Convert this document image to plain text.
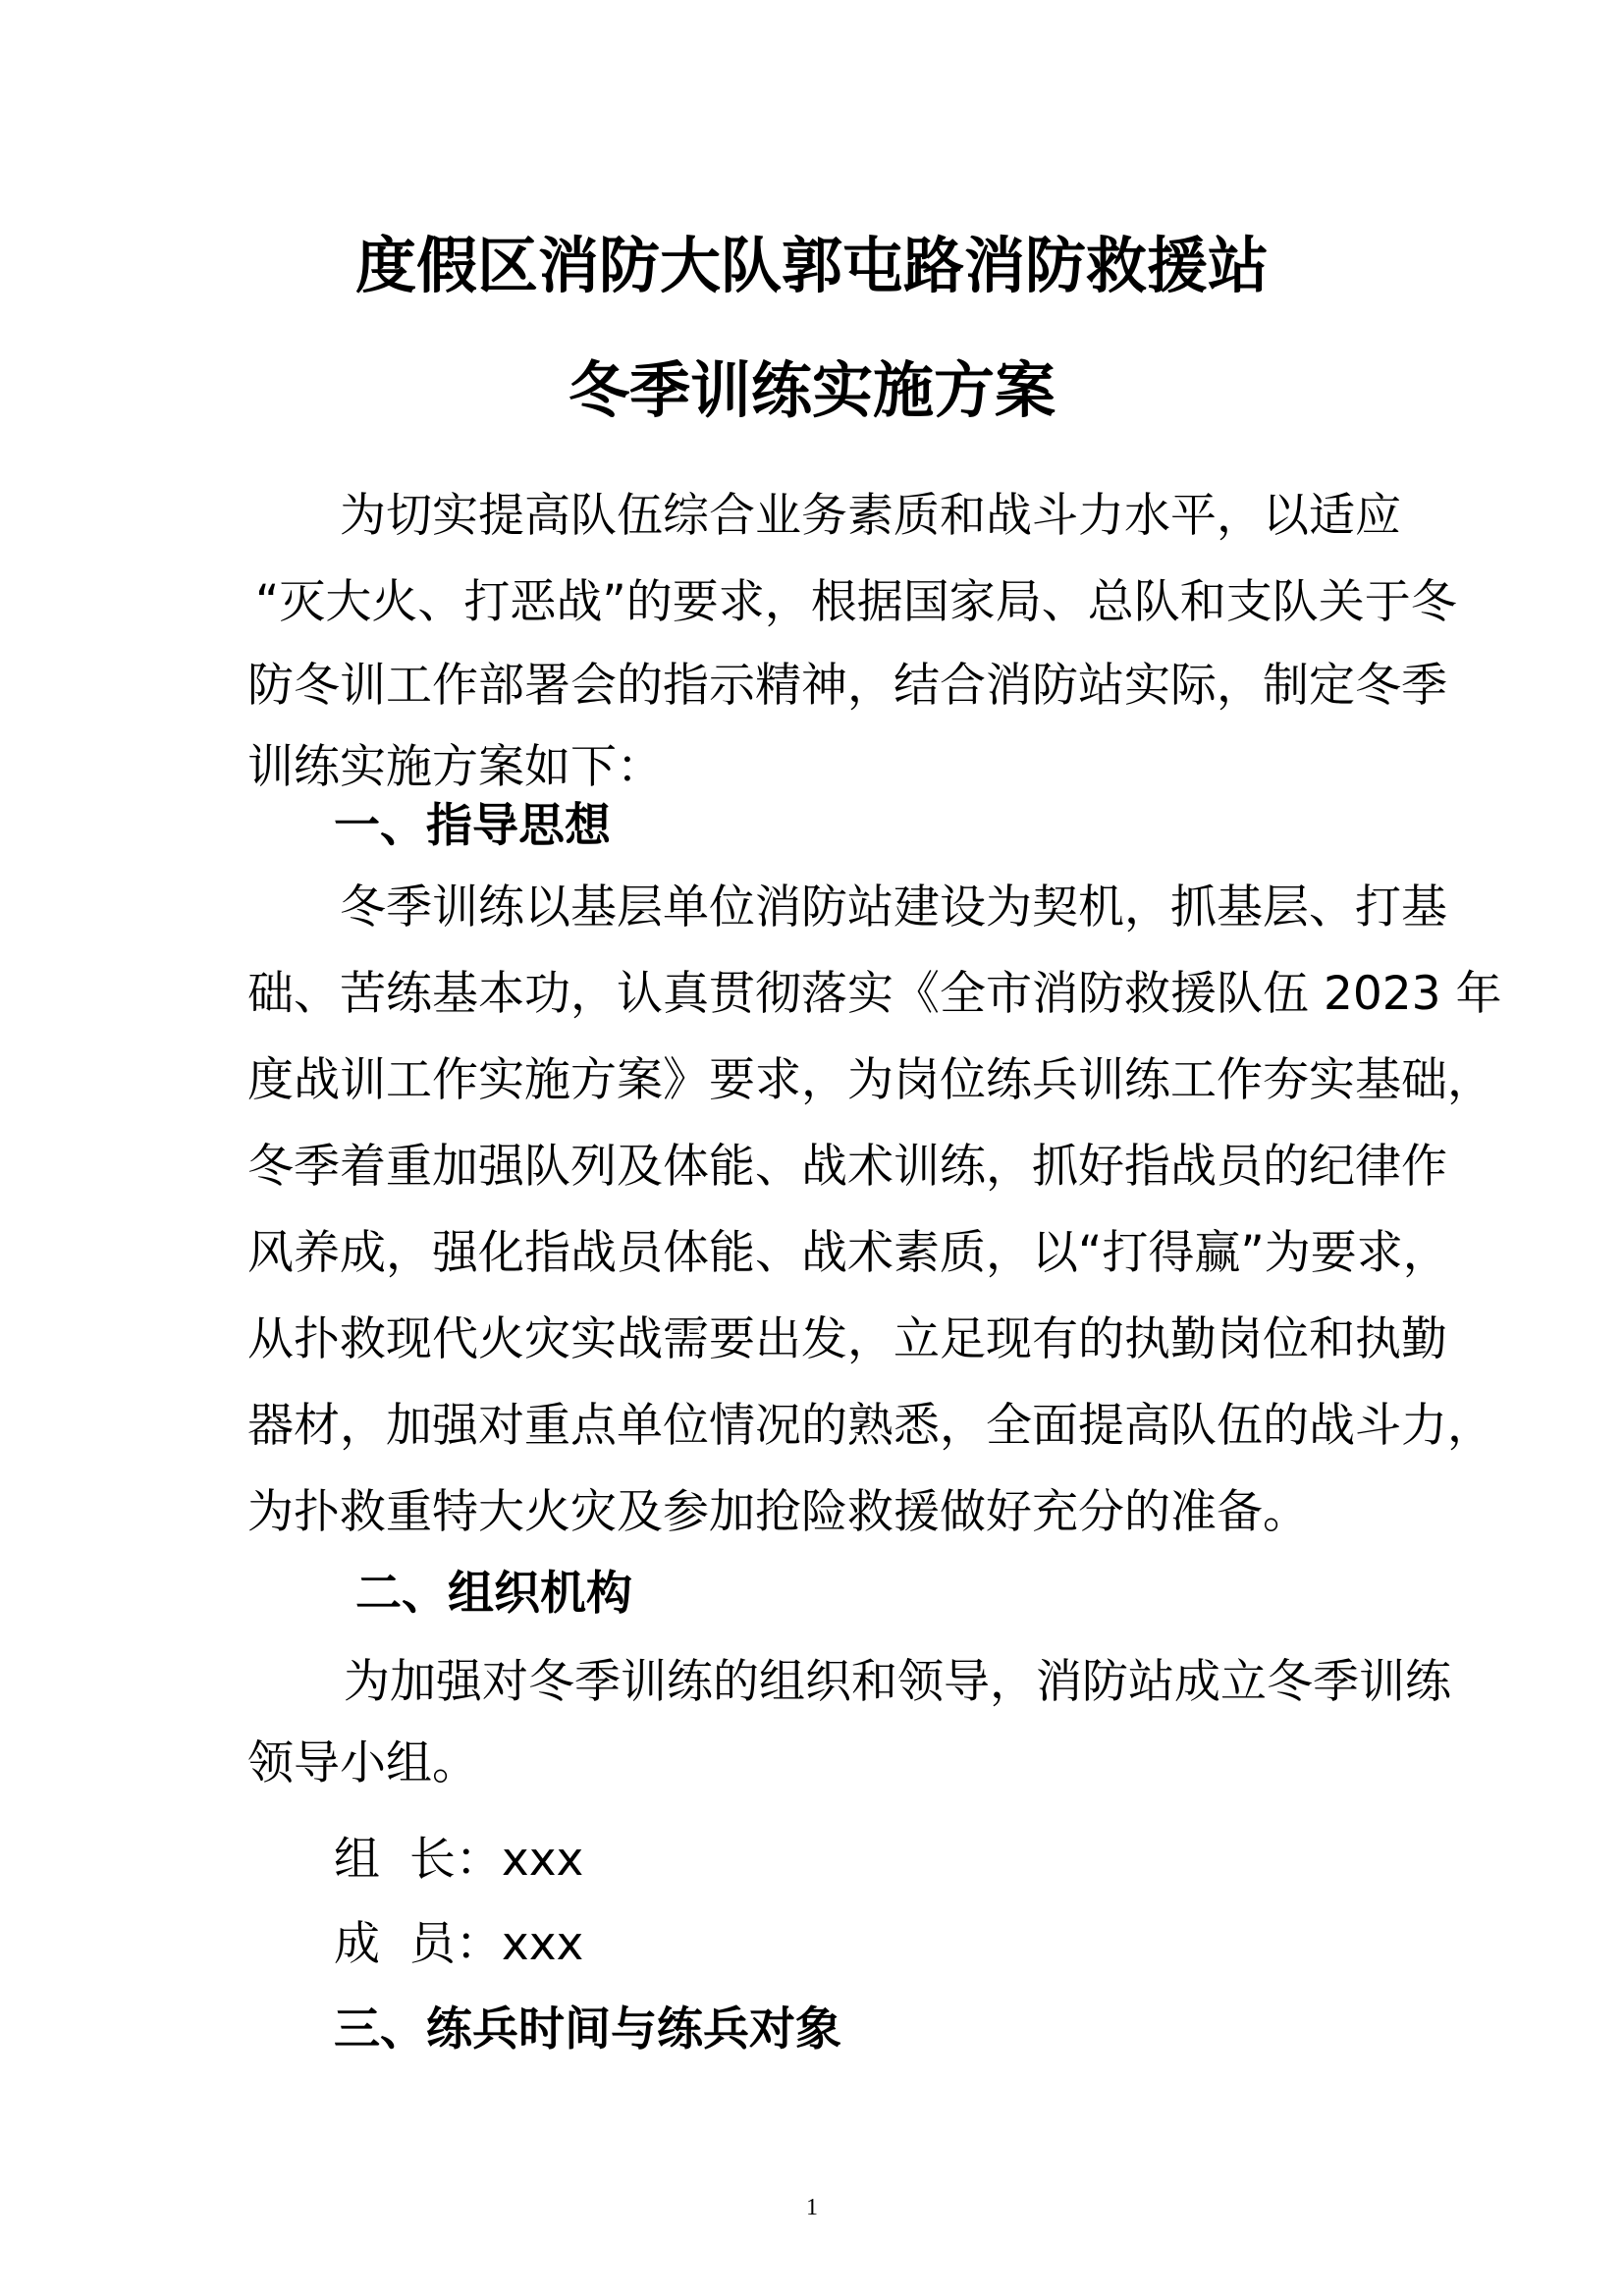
度假区消防大队郭屯路消防救援站
冬季训练实施方案
为切实提高队伍综合业务素质和战斗力水平，以适应
“灭大火、打恶战”的要求，根据国家局、总队和支队关于冬
防冬训工作部署会的指示精神，结合消防站实际，制定冬季
训练实施方案如下：
一、指导思想
冬季训练以基层单位消防站建设为契机，抓基层、打基
础、苦练基本功，认真贯彻落实《全市消防救援队伍 2023 年
度战训工作实施方案》要求，为岗位练兵训练工作夯实基础，
冬季着重加强队列及体能、战术训练，抓好指战员的纪律作
风养成，强化指战员体能、战术素质，以“打得赢”为要求，
从扑救现代火灾实战需要出发，立足现有的执勤岗位和执勤
器材，加强对重点单位情况的熟悉，全面提高队伍的战斗力，
为扑救重特大火灾及参加抢险救援做好充分的准备。
二、组织机构
为加强对冬季训练的组织和领导，消防站成立冬季训练
领导小组。
组  长：xxx
成  员：xxx
三、练兵时间与练兵对象
1
